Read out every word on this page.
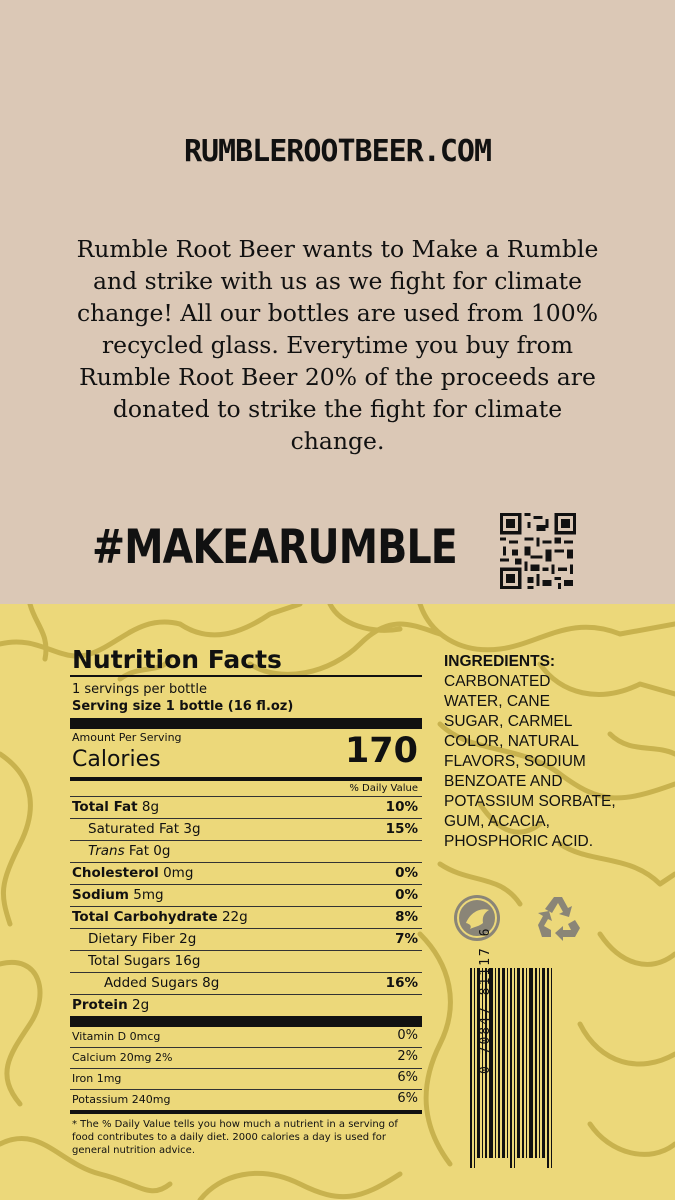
RUMBLEROOTBEER.COM
Rumble Root Beer wants to Make a Rumble and strike with us as we fight for climate change! All our bottles are used from 100% recycled glass. Everytime you buy from Rumble Root Beer 20% of the proceeds are donated to strike the fight for climate change.
#MAKEARUMBLE
0 70847 81117 6
Nutrition Facts
1 servings per bottle
Serving size 1 bottle (16 fl.oz)
Amount Per Serving
Calories	170
% Daily Value
Total Fat 8g	10%
Saturated Fat 3g	15%
Trans Fat 0g
Cholesterol 0mg	0%
Sodium 5mg	0%
Total Carbohydrate 22g	8%
Dietary Fiber 2g	7%
Total Sugars 16g
Added Sugars 8g	16%
Protein 2g
Vitamin D 0mcg	0%
Calcium 20mg 2%	2%
Iron 1mg	6%
Potassium 240mg	6%
* The % Daily Value tells you how much a nutrient in a serving of food contributes to a daily diet. 2000 calories a day is used for general nutrition advice.
INGREDIENTS:
CARBONATED
WATER, CANE
SUGAR, CARMEL
COLOR, NATURAL
FLAVORS, SODIUM
BENZOATE AND
POTASSIUM SORBATE,
GUM, ACACIA,
PHOSPHORIC ACID.
